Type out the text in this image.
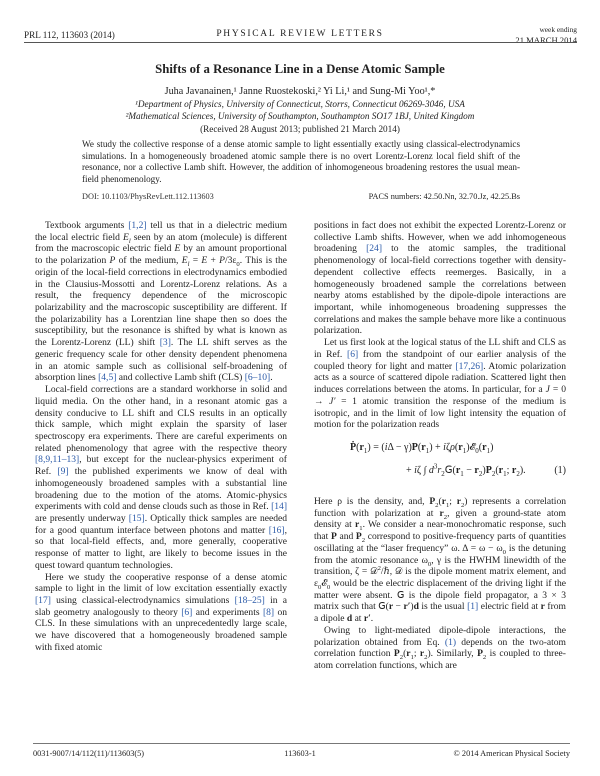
PRL 112, 113603 (2014)	PHYSICAL REVIEW LETTERS	week ending
21 MARCH 2014
Shifts of a Resonance Line in a Dense Atomic Sample
Juha Javanainen,¹ Janne Ruostekoski,² Yi Li,¹ and Sung-Mi Yoo¹,*
¹Department of Physics, University of Connecticut, Storrs, Connecticut 06269-3046, USA
²Mathematical Sciences, University of Southampton, Southampton SO17 1BJ, United Kingdom
(Received 28 August 2013; published 21 March 2014)
We study the collective response of a dense atomic sample to light essentially exactly using classical-electrodynamics simulations. In a homogeneously broadened atomic sample there is no overt Lorentz-Lorenz local field shift of the resonance, nor a collective Lamb shift. However, the addition of inhomogeneous broadening restores the usual mean-field phenomenology.
DOI: 10.1103/PhysRevLett.112.113603	PACS numbers: 42.50.Nn, 32.70.Jz, 42.25.Bs

Textbook arguments [1,2] tell us that in a dielectric medium the local electric field $E_l$ seen by an atom (molecule) is different from the macroscopic electric field E by an amount proportional to the polarization P of the medium, $E_l = E + P/3\varepsilon_0$. This is the origin of the local-field corrections in electrodynamics embodied in the Clausius-Mossotti and Lorentz-Lorenz relations. As a result, the frequency dependence of the microscopic polarizability and the macroscopic susceptibility are different. If the polarizability has a Lorentzian line shape then so does the susceptibility, but the resonance is shifted by what is known as the Lorentz-Lorenz (LL) shift [3]. The LL shift serves as the generic frequency scale for other density dependent phenomena in an atomic sample such as collisional self-broadening of absorption lines [4,5] and collective Lamb shift (CLS) [6–10].

Local-field corrections are a standard workhorse in solid and liquid media. On the other hand, in a resonant atomic gas a density conducive to LL shift and CLS results in an optically thick sample, which might explain the sparsity of laser spectroscopy era experiments. There are careful experiments on related phenomenology that agree with the respective theory [8,9,11–13], but except for the nuclear-physics experiment of Ref. [9] the published experiments we know of deal with inhomogeneously broadened samples with a substantial line broadening due to the motion of the atoms. Atomic-physics experiments with cold and dense clouds such as those in Ref. [14] are presently underway [15]. Optically thick samples are needed for a good quantum interface between photons and matter [16], so that local-field effects, and, more generally, cooperative response of matter to light, are likely to become issues in the quest toward quantum technologies.

Here we study the cooperative response of a dense atomic sample to light in the limit of low excitation essentially exactly [17] using classical-electrodynamics simulations [18–25] in a slab geometry analogously to theory [6] and experiments [8] on CLS. In these simulations with an unprecedentedly large scale, we have discovered that a homogeneously broadened sample with fixed atomic

positions in fact does not exhibit the expected Lorentz-Lorenz or collective Lamb shifts. However, when we add inhomogeneous broadening [24] to the atomic samples, the traditional phenomenology of local-field corrections together with density-dependent collective effects reemerges. Basically, in a homogeneously broadened sample the correlations between nearby atoms established by the dipole-dipole interactions are important, while inhomogeneous broadening suppresses the correlations and makes the sample behave more like a continuous polarization.

Let us first look at the logical status of the LL shift and CLS as in Ref. [6] from the standpoint of our earlier analysis of the coupled theory for light and matter [17,26]. Atomic polarization acts as a source of scattered dipole radiation. Scattered light then induces correlations between the atoms. In particular, for a J = 0 → J′ = 1 atomic transition the response of the medium is isotropic, and in the limit of low light intensity the equation of motion for the polarization reads

$Ṗ(r_1) = (i\Delta - \gamma)P(r_1)$ + $i\zeta\rho(r_1)𝓔_0(r_1)$
+ iζ ∫ $d^3r_2𝖦(r_1 - r_2)P_2(r_1$; $r_2$).	(1)

Here ρ is the density, and, $P_2(r_1$; $r_2$) represents a correlation function with polarization at $r_2$, given a ground-state atom density at $r_1$. We consider a near-monochromatic response, such that P and $P_2$ correspond to positive-frequency parts of quantities oscillating at the “laser frequency” ω. $\Delta = \omega - \omega_0$ is the detuning from the atomic resonance $\omega_0$, γ is the HWHM linewidth of the transition, ζ = 𝒟$^2$/ℏ, 𝒟 is the dipole moment matrix element, and $\varepsilon_0𝓔_0$ would be the electric displacement of the driving light if the matter were absent. 𝖦 is the dipole field propagator, a 3 × 3 matrix such that 𝖦(r − r′)d is the usual [1] electric field at r from a dipole d at r′.

Owing to light-mediated dipole-dipole interactions, the polarization obtained from Eq. (1) depends on the two-atom correlation function $P_2(r_1$; $r_2$). Similarly, $P_2$ is coupled to three-atom correlation functions, which are

0031-9007/14/112(11)/113603(5)	113603-1	© 2014 American Physical Society
